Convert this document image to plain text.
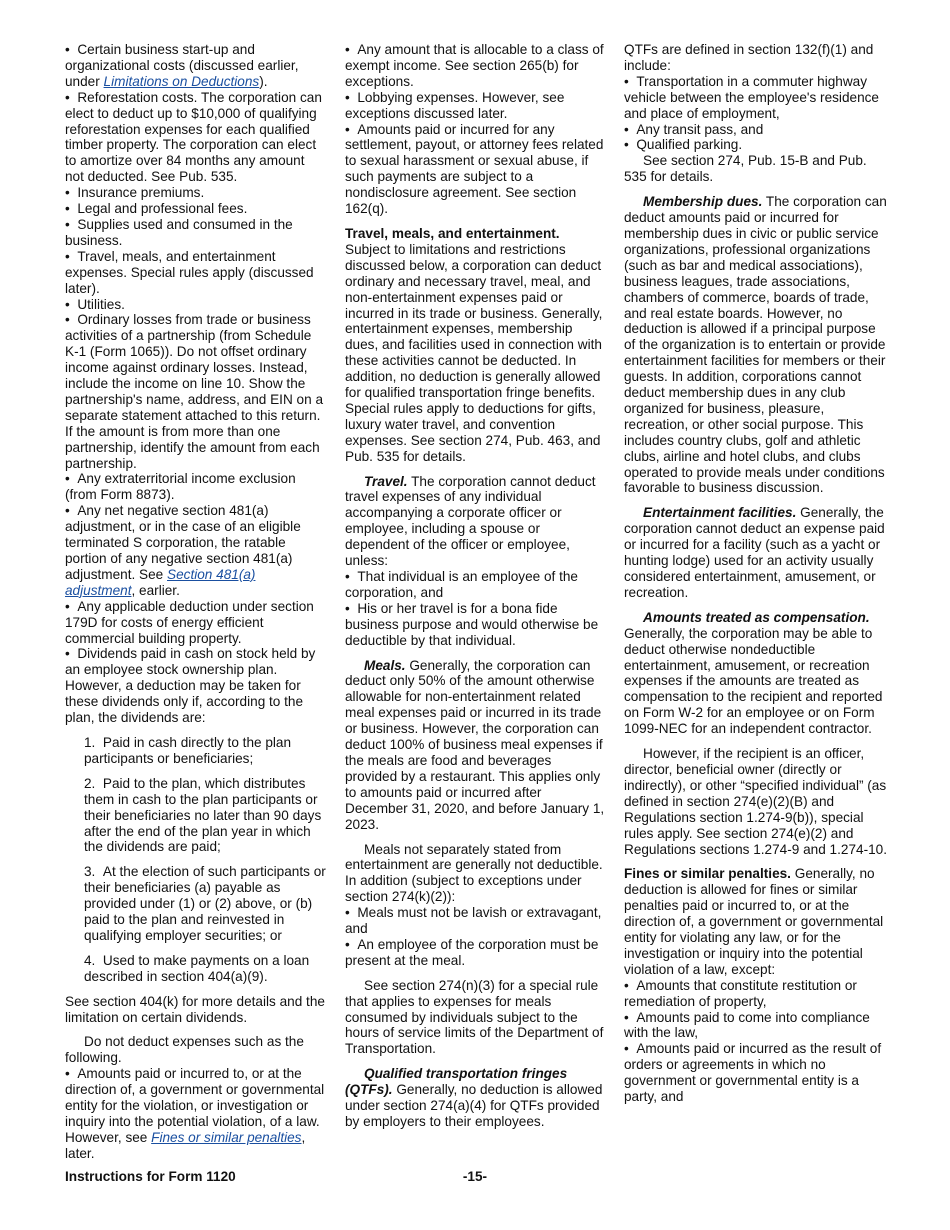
•  Certain business start-up and organizational costs (discussed earlier, under Limitations on Deductions).

•  Reforestation costs. The corporation can elect to deduct up to $10,000 of qualifying reforestation expenses for each qualified timber property. The corporation can elect to amortize over 84 months any amount not deducted. See Pub. 535.

•  Insurance premiums.

•  Legal and professional fees.

•  Supplies used and consumed in the business.

•  Travel, meals, and entertainment expenses. Special rules apply (discussed later).

•  Utilities.

•  Ordinary losses from trade or business activities of a partnership (from Schedule K-1 (Form 1065)). Do not offset ordinary income against ordinary losses. Instead, include the income on line 10. Show the partnership's name, address, and EIN on a separate statement attached to this return. If the amount is from more than one partnership, identify the amount from each partnership.

•  Any extraterritorial income exclusion (from Form 8873).

•  Any net negative section 481(a) adjustment, or in the case of an eligible terminated S corporation, the ratable portion of any negative section 481(a) adjustment. See Section 481(a) adjustment, earlier.

•  Any applicable deduction under section 179D for costs of energy efficient commercial building property.

•  Dividends paid in cash on stock held by an employee stock ownership plan. However, a deduction may be taken for these dividends only if, according to the plan, the dividends are:

1.  Paid in cash directly to the plan participants or beneficiaries;

2.  Paid to the plan, which distributes them in cash to the plan participants or their beneficiaries no later than 90 days after the end of the plan year in which the dividends are paid;

3.  At the election of such participants or their beneficiaries (a) payable as provided under (1) or (2) above, or (b) paid to the plan and reinvested in qualifying employer securities; or

4.  Used to make payments on a loan described in section 404(a)(9).

See section 404(k) for more details and the limitation on certain dividends.

Do not deduct expenses such as the following.

•  Amounts paid or incurred to, or at the direction of, a government or governmental entity for the violation, or investigation or inquiry into the potential violation, of a law. However, see Fines or similar penalties, later.

•  Any amount that is allocable to a class of exempt income. See section 265(b) for exceptions.

•  Lobbying expenses. However, see exceptions discussed later.

•  Amounts paid or incurred for any settlement, payout, or attorney fees related to sexual harassment or sexual abuse, if such payments are subject to a nondisclosure agreement. See section 162(q).

Travel, meals, and entertainment. Subject to limitations and restrictions discussed below, a corporation can deduct ordinary and necessary travel, meal, and non-entertainment expenses paid or incurred in its trade or business. Generally, entertainment expenses, membership dues, and facilities used in connection with these activities cannot be deducted. In addition, no deduction is generally allowed for qualified transportation fringe benefits. Special rules apply to deductions for gifts, luxury water travel, and convention expenses. See section 274, Pub. 463, and Pub. 535 for details.

Travel. The corporation cannot deduct travel expenses of any individual accompanying a corporate officer or employee, including a spouse or dependent of the officer or employee, unless:

•  That individual is an employee of the corporation, and

•  His or her travel is for a bona fide business purpose and would otherwise be deductible by that individual.

Meals. Generally, the corporation can deduct only 50% of the amount otherwise allowable for non-entertainment related meal expenses paid or incurred in its trade or business. However, the corporation can deduct 100% of business meal expenses if the meals are food and beverages provided by a restaurant. This applies only to amounts paid or incurred after December 31, 2020, and before January 1, 2023.

Meals not separately stated from entertainment are generally not deductible. In addition (subject to exceptions under section 274(k)(2)):

•  Meals must not be lavish or extravagant, and

•  An employee of the corporation must be present at the meal.

See section 274(n)(3) for a special rule that applies to expenses for meals consumed by individuals subject to the hours of service limits of the Department of Transportation.

Qualified transportation fringes (QTFs). Generally, no deduction is allowed under section 274(a)(4) for QTFs provided by employers to their employees.

QTFs are defined in section 132(f)(1) and include:

•  Transportation in a commuter highway vehicle between the employee's residence and place of employment,

•  Any transit pass, and

•  Qualified parking.

See section 274, Pub. 15-B and Pub. 535 for details.

Membership dues. The corporation can deduct amounts paid or incurred for membership dues in civic or public service organizations, professional organizations (such as bar and medical associations), business leagues, trade associations, chambers of commerce, boards of trade, and real estate boards. However, no deduction is allowed if a principal purpose of the organization is to entertain or provide entertainment facilities for members or their guests. In addition, corporations cannot deduct membership dues in any club organized for business, pleasure, recreation, or other social purpose. This includes country clubs, golf and athletic clubs, airline and hotel clubs, and clubs operated to provide meals under conditions favorable to business discussion.

Entertainment facilities. Generally, the corporation cannot deduct an expense paid or incurred for a facility (such as a yacht or hunting lodge) used for an activity usually considered entertainment, amusement, or recreation.

Amounts treated as compensation. Generally, the corporation may be able to deduct otherwise nondeductible entertainment, amusement, or recreation expenses if the amounts are treated as compensation to the recipient and reported on Form W-2 for an employee or on Form 1099-NEC for an independent contractor.

However, if the recipient is an officer, director, beneficial owner (directly or indirectly), or other “specified individual” (as defined in section 274(e)(2)(B) and Regulations section 1.274-9(b)), special rules apply. See section 274(e)(2) and Regulations sections 1.274-9 and 1.274-10.

Fines or similar penalties. Generally, no deduction is allowed for fines or similar penalties paid or incurred to, or at the direction of, a government or governmental entity for violating any law, or for the investigation or inquiry into the potential violation of a law, except:

•  Amounts that constitute restitution or remediation of property,

•  Amounts paid to come into compliance with the law,

•  Amounts paid or incurred as the result of orders or agreements in which no government or governmental entity is a party, and

Instructions for Form 1120	-15-
